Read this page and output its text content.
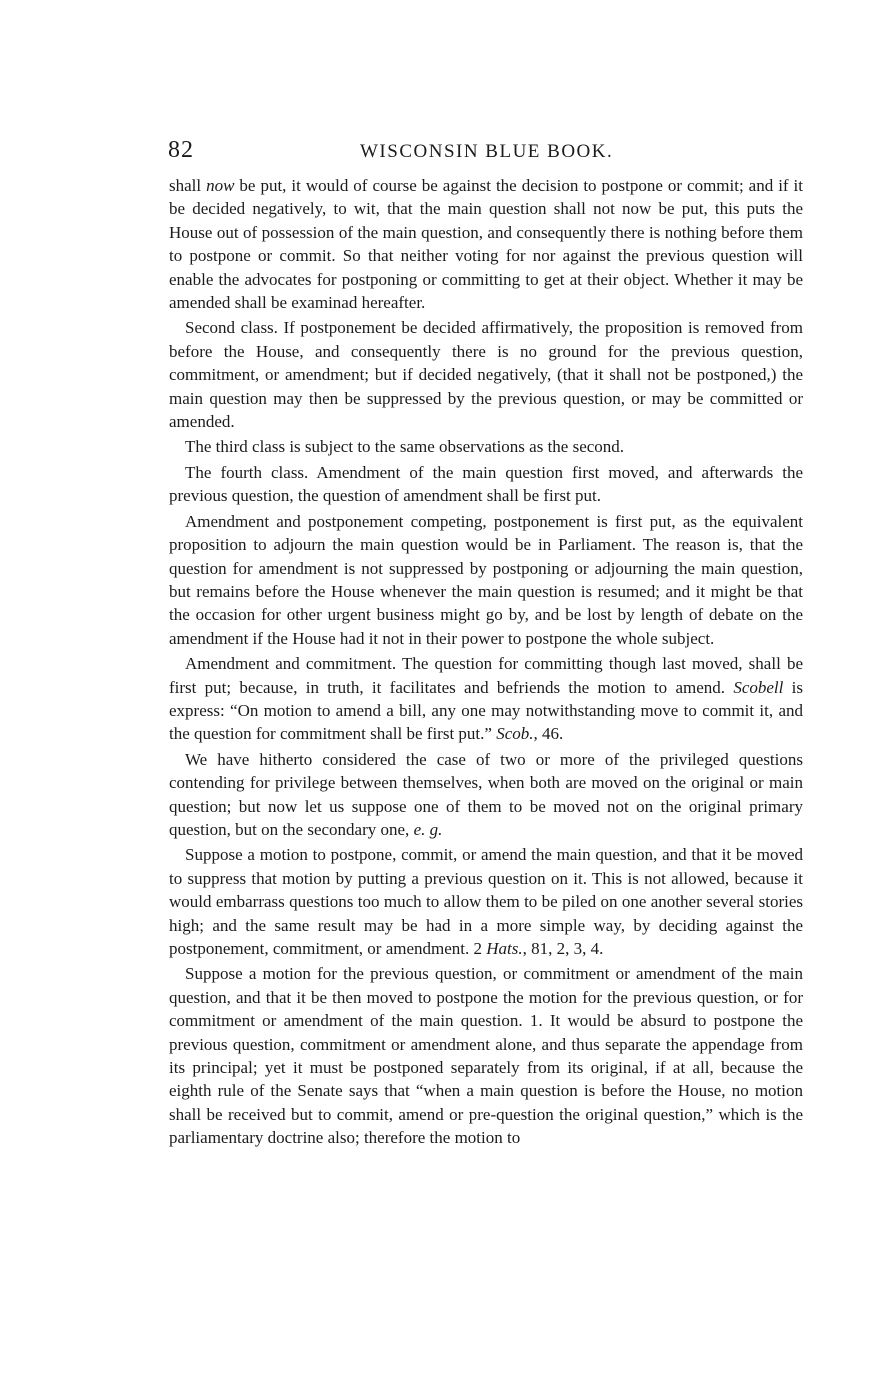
82	WISCONSIN BLUE BOOK.

shall now be put, it would of course be against the decision to postpone or commit; and if it be decided negatively, to wit, that the main question shall not now be put, this puts the House out of possession of the main question, and consequently there is nothing before them to postpone or commit. So that neither voting for nor against the previous question will enable the advocates for postponing or committing to get at their object. Whether it may be amended shall be examinad hereafter.

Second class. If postponement be decided affirmatively, the proposition is removed from before the House, and consequently there is no ground for the previous question, commitment, or amendment; but if decided negatively, (that it shall not be postponed,) the main question may then be suppressed by the previous question, or may be committed or amended.

The third class is subject to the same observations as the second.

The fourth class. Amendment of the main question first moved, and afterwards the previous question, the question of amendment shall be first put.

Amendment and postponement competing, postponement is first put, as the equivalent proposition to adjourn the main question would be in Parliament. The reason is, that the question for amendment is not suppressed by postponing or adjourning the main question, but remains before the House whenever the main question is resumed; and it might be that the occasion for other urgent business might go by, and be lost by length of debate on the amendment if the House had it not in their power to postpone the whole subject.

Amendment and commitment. The question for committing though last moved, shall be first put; because, in truth, it facilitates and befriends the motion to amend. Scobell is express: “On motion to amend a bill, any one may notwithstanding move to commit it, and the question for commitment shall be first put.” Scob., 46.

We have hitherto considered the case of two or more of the privileged questions contending for privilege between themselves, when both are moved on the original or main question; but now let us suppose one of them to be moved not on the original primary question, but on the secondary one, e. g.

Suppose a motion to postpone, commit, or amend the main question, and that it be moved to suppress that motion by putting a previous question on it. This is not allowed, because it would embarrass questions too much to allow them to be piled on one another several stories high; and the same result may be had in a more simple way, by deciding against the postponement, commitment, or amendment. 2 Hats., 81, 2, 3, 4.

Suppose a motion for the previous question, or commitment or amendment of the main question, and that it be then moved to postpone the motion for the previous question, or for commitment or amendment of the main question. 1. It would be absurd to postpone the previous question, commitment or amendment alone, and thus separate the appendage from its principal; yet it must be postponed separately from its original, if at all, because the eighth rule of the Senate says that “when a main question is before the House, no motion shall be received but to commit, amend or pre-question the original question,” which is the parliamentary doctrine also; therefore the motion to
